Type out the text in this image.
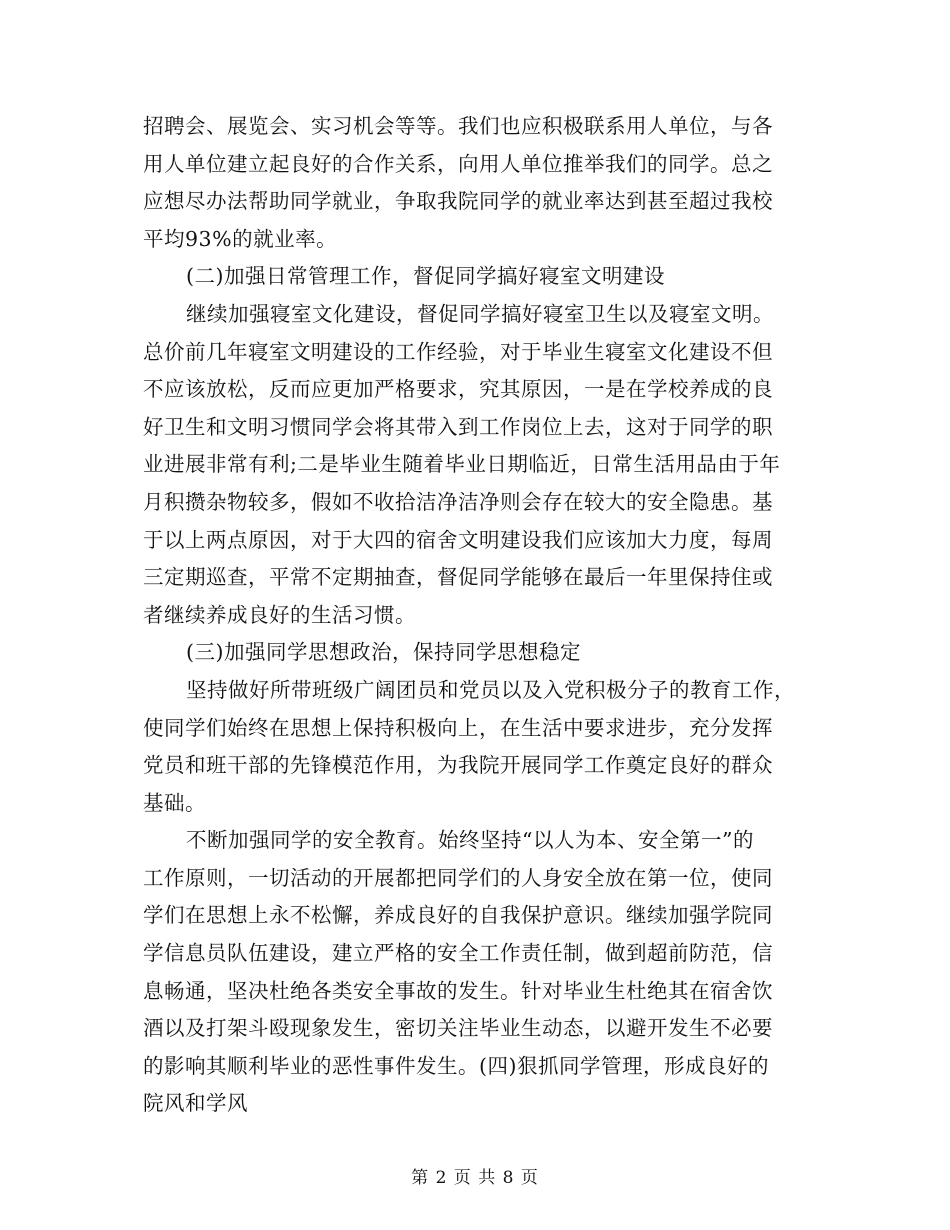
招聘会、展览会、实习机会等等。我们也应积极联系用人单位，与各
用人单位建立起良好的合作关系，向用人单位推举我们的同学。总之
应想尽办法帮助同学就业，争取我院同学的就业率达到甚至超过我校
平均93%的就业率。
(二)加强日常管理工作，督促同学搞好寝室文明建设
继续加强寝室文化建设，督促同学搞好寝室卫生以及寝室文明。
总价前几年寝室文明建设的工作经验，对于毕业生寝室文化建设不但
不应该放松，反而应更加严格要求，究其原因，一是在学校养成的良
好卫生和文明习惯同学会将其带入到工作岗位上去，这对于同学的职
业进展非常有利;二是毕业生随着毕业日期临近，日常生活用品由于年
月积攒杂物较多，假如不收拾洁净洁净则会存在较大的安全隐患。基
于以上两点原因，对于大四的宿舍文明建设我们应该加大力度，每周
三定期巡查，平常不定期抽查，督促同学能够在最后一年里保持住或
者继续养成良好的生活习惯。
(三)加强同学思想政治，保持同学思想稳定
坚持做好所带班级广阔团员和党员以及入党积极分子的教育工作，
使同学们始终在思想上保持积极向上，在生活中要求进步，充分发挥
党员和班干部的先锋模范作用，为我院开展同学工作奠定良好的群众
基础。
不断加强同学的安全教育。始终坚持“以人为本、安全第一”的
工作原则，一切活动的开展都把同学们的人身安全放在第一位，使同
学们在思想上永不松懈，养成良好的自我保护意识。继续加强学院同
学信息员队伍建设，建立严格的安全工作责任制，做到超前防范，信
息畅通，坚决杜绝各类安全事故的发生。针对毕业生杜绝其在宿舍饮
酒以及打架斗殴现象发生，密切关注毕业生动态，以避开发生不必要
的影响其顺利毕业的恶性事件发生。(四)狠抓同学管理，形成良好的
院风和学风
第 2 页 共 8 页
